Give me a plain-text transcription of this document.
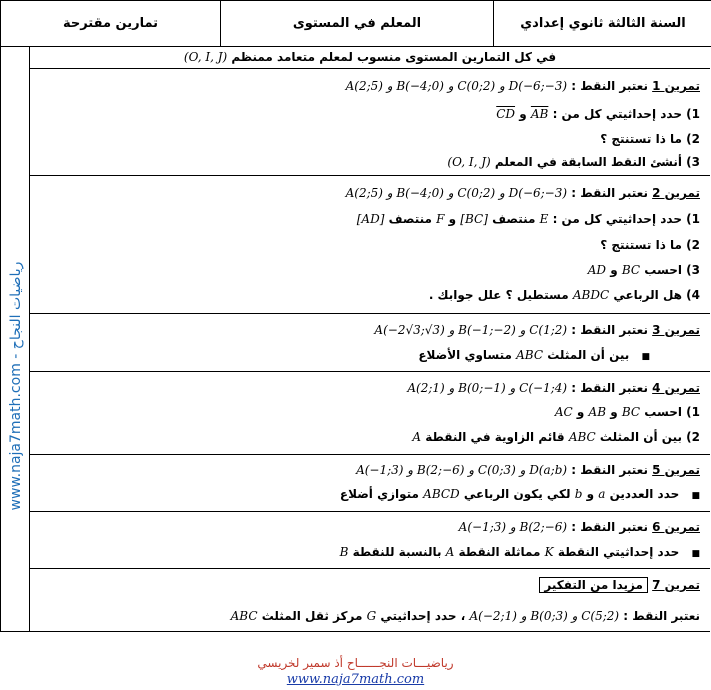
تمارين مقترحة	المعلم في المستوى	السنة الثالثة ثانوي إعدادي
www.naja7math.com - رياضيات النجاح
في كل التمارين المستوى منسوب لمعلم متعامد ممنظم (O, I, J)
تمرين 1 نعتبر النقط : A(2;5) و B(−4;0) و C(0;2) و D(−6;−3)
1) حدد إحداثيتي كل من : $\overline{AB}$ و $\overline{CD}$
2) ما ذا تستنتج ؟
3) أنشئ النقط السابقة في المعلم (O, I, J)
تمرين 2 نعتبر النقط : A(2;5) و B(−4;0) و C(0;2) و D(−6;−3)
1) حدد إحداثيتي كل من : E منتصف [BC] و F منتصف [AD]
2) ما ذا تستنتج ؟
3) احسب BC و AD
4) هل الرباعي ABDC مستطيل ؟ علل جوابك .
تمرين 3 نعتبر النقط : A(−2√3;√3) و B(−1;−2) و C(1;2)
■ بين أن المثلث ABC متساوي الأضلاع
تمرين 4 نعتبر النقط : A(2;1) و B(0;−1) و C(−1;4)
1) احسب BC و AB و AC
2) بين أن المثلث ABC قائم الزاوية في النقطة A
تمرين 5 نعتبر النقط : A(−1;3) و B(2;−6) و C(0;3) و D(a;b)
■ حدد العددين a و b لكي يكون الرباعي ABCD متوازي أضلاع
تمرين 6 نعتبر النقط : A(−1;3) و B(2;−6)
■ حدد إحداثيتي النقطة K مماثلة النقطة A بالنسبة للنقطة B
تمرين 7 مزيدا من التفكير
نعتبر النقط : A(−2;1) و B(0;3) و C(5;2) ، حدد إحداثيتي G مركز ثقل المثلث ABC
رياضيـــات النجــــــاح أذ سمير لخريسي
www.naja7math.com
